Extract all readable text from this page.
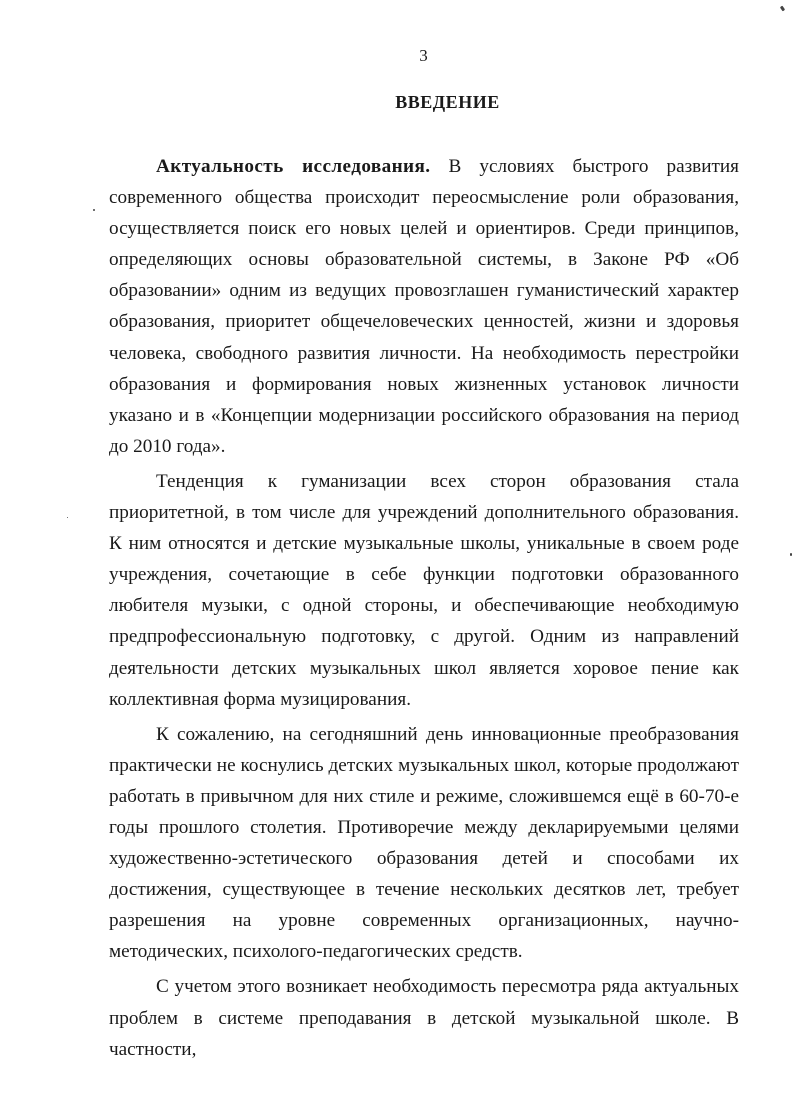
3
ВВЕДЕНИЕ

Актуальность исследования. В условиях быстрого развития современного общества происходит переосмысление роли образования, осуществляется поиск его новых целей и ориентиров. Среди принципов, определяющих основы образовательной системы, в Законе РФ «Об образовании» одним из ведущих провозглашен гуманистический характер образования, приоритет общечеловеческих ценностей, жизни и здоровья человека, свободного развития личности. На необходимость перестройки образования и формирования новых жизненных установок личности указано и в «Концепции модернизации российского образования на период до 2010 года».

Тенденция к гуманизации всех сторон образования стала приоритетной, в том числе для учреждений дополнительного образования. К ним относятся и детские музыкальные школы, уникальные в своем роде учреждения, сочетающие в себе функции подготовки образованного любителя музыки, с одной стороны, и обеспечивающие необходимую предпрофессиональную подготовку, с другой. Одним из направлений деятельности детских музыкальных школ является хоровое пение как коллективная форма музицирования.

К сожалению, на сегодняшний день инновационные преобразования практически не коснулись детских музыкальных школ, которые продолжают работать в привычном для них стиле и режиме, сложившемся ещё в 60-70-е годы прошлого столетия. Противоречие между декларируемыми целями художественно-эстетического образования детей и способами их достижения, существующее в течение нескольких десятков лет, требует разрешения на уровне современных организационных, научно-методических, психолого-педагогических средств.

С учетом этого возникает необходимость пересмотра ряда актуальных проблем в системе преподавания в детской музыкальной школе. В частности,
